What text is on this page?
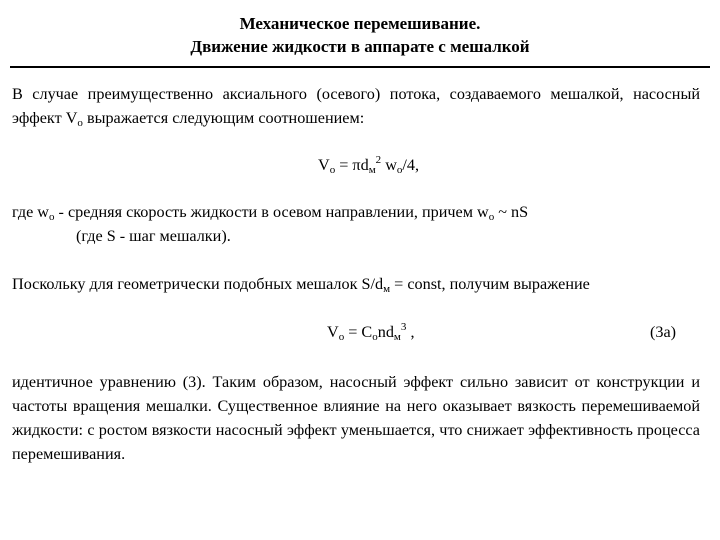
Механическое перемешивание.
Движение жидкости в аппарате с мешалкой
В случае преимущественно аксиального (осевого) потока, создаваемого мешалкой, насосный эффект $V_о$ выражается следующим соотношением:
$V_о = \pi d_м^2$ $w_о/4$,
где $w_о$ - средняя скорость жидкости в осевом направлении, причем $w_о$ ~ nS
(где S - шаг мешалки).
Поскольку для геометрически подобных мешалок $S/d_м$ = const, получим выражение
$V_о = C_оnd_м^3$ ,	(3а)
идентичное уравнению (3). Таким образом, насосный эффект сильно зависит от конструкции и частоты вращения мешалки. Существенное влияние на него оказывает вязкость перемешиваемой жидкости: с ростом вязкости насосный эффект уменьшается, что снижает эффективность процесса перемешивания.
